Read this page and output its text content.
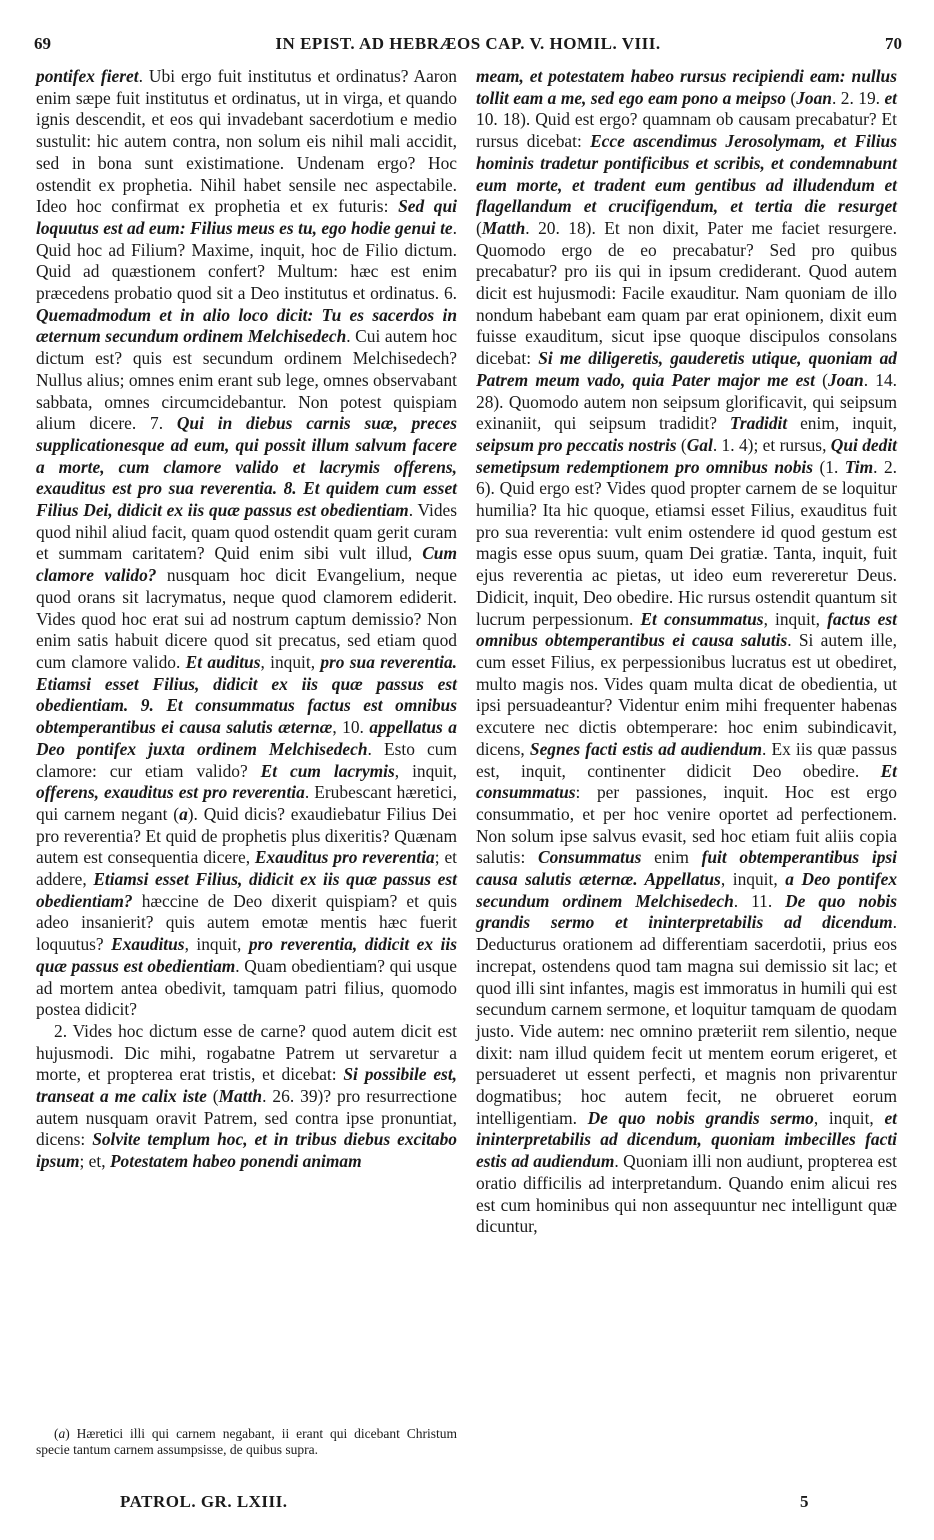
69	IN EPIST. AD HEBRÆOS CAP. V. HOMIL. VIII.	70

pontifex fieret. Ubi ergo fuit institutus et ordinatus? Aaron enim sæpe fuit institutus et ordinatus, ut in virga, et quando ignis descendit, et eos qui invadebant sacerdotium e medio sustulit: hic autem contra, non solum eis nihil mali accidit, sed in bona sunt existimatione. Undenam ergo? Hoc ostendit ex prophetia. Nihil habet sensile nec aspectabile. Ideo hoc confirmat ex prophetia et ex futuris: Sed qui loquutus est ad eum: Filius meus es tu, ego hodie genui te. Quid hoc ad Filium? Maxime, inquit, hoc de Filio dictum. Quid ad quæstionem confert? Multum: hæc est enim præcedens probatio quod sit a Deo institutus et ordinatus. 6. Quemadmodum et in alio loco dicit: Tu es sacerdos in æternum secundum ordinem Melchisedech. Cui autem hoc dictum est? quis est secundum ordinem Melchisedech? Nullus alius; omnes enim erant sub lege, omnes observabant sabbata, omnes circumcidebantur. Non potest quispiam alium dicere. 7. Qui in diebus carnis suæ, preces supplicationesque ad eum, qui possit illum salvum facere a morte, cum clamore valido et lacrymis offerens, exauditus est pro sua reverentia. 8. Et quidem cum esset Filius Dei, didicit ex iis quæ passus est obedientiam. Vides quod nihil aliud facit, quam quod ostendit quam gerit curam et summam caritatem? Quid enim sibi vult illud, Cum clamore valido? nusquam hoc dicit Evangelium, neque quod orans sit lacrymatus, neque quod clamorem ediderit. Vides quod hoc erat sui ad nostrum captum demissio? Non enim satis habuit dicere quod sit precatus, sed etiam quod cum clamore valido. Et auditus, inquit, pro sua reverentia. Etiamsi esset Filius, didicit ex iis quæ passus est obedientiam. 9. Et consummatus factus est omnibus obtemperantibus ei causa salutis æternæ, 10. appellatus a Deo pontifex juxta ordinem Melchisedech. Esto cum clamore: cur etiam valido? Et cum lacrymis, inquit, offerens, exauditus est pro reverentia. Erubescant hæretici, qui carnem negant (a). Quid dicis? exaudiebatur Filius Dei pro reverentia? Et quid de prophetis plus dixeritis? Quænam autem est consequentia dicere, Exauditus pro reverentia; et addere, Etiamsi esset Filius, didicit ex iis quæ passus est obedientiam? hæccine de Deo dixerit quispiam? et quis adeo insanierit? quis autem emotæ mentis hæc fuerit loquutus? Exauditus, inquit, pro reverentia, didicit ex iis quæ passus est obedientiam. Quam obedientiam? qui usque ad mortem antea obedivit, tamquam patri filius, quomodo postea didicit?

2. Vides hoc dictum esse de carne? quod autem dicit est hujusmodi. Dic mihi, rogabatne Patrem ut servaretur a morte, et propterea erat tristis, et dicebat: Si possibile est, transeat a me calix iste (Matth. 26. 39)? pro resurrectione autem nusquam oravit Patrem, sed contra ipse pronuntiat, dicens: Solvite templum hoc, et in tribus diebus excitabo ipsum; et, Potestatem habeo ponendi animam

meam, et potestatem habeo rursus recipiendi eam: nullus tollit eam a me, sed ego eam pono a meipso (Joan. 2. 19. et 10. 18). Quid est ergo? quamnam ob causam precabatur? Et rursus dicebat: Ecce ascendimus Jerosolymam, et Filius hominis tradetur pontificibus et scribis, et condemnabunt eum morte, et tradent eum gentibus ad illudendum et flagellandum et crucifigendum, et tertia die resurget (Matth. 20. 18). Et non dixit, Pater me faciet resurgere. Quomodo ergo de eo precabatur? Sed pro quibus precabatur? pro iis qui in ipsum crediderant. Quod autem dicit est hujusmodi: Facile exauditur. Nam quoniam de illo nondum habebant eam quam par erat opinionem, dixit eum fuisse exauditum, sicut ipse quoque discipulos consolans dicebat: Si me diligeretis, gauderetis utique, quoniam ad Patrem meum vado, quia Pater major me est (Joan. 14. 28). Quomodo autem non seipsum glorificavit, qui seipsum exinaniit, qui seipsum tradidit? Tradidit enim, inquit, seipsum pro peccatis nostris (Gal. 1. 4); et rursus, Qui dedit semetipsum redemptionem pro omnibus nobis (1. Tim. 2. 6). Quid ergo est? Vides quod propter carnem de se loquitur humilia? Ita hic quoque, etiamsi esset Filius, exauditus fuit pro sua reverentia: vult enim ostendere id quod gestum est magis esse opus suum, quam Dei gratiæ. Tanta, inquit, fuit ejus reverentia ac pietas, ut ideo eum revereretur Deus. Didicit, inquit, Deo obedire. Hic rursus ostendit quantum sit lucrum perpessionum. Et consummatus, inquit, factus est omnibus obtemperantibus ei causa salutis. Si autem ille, cum esset Filius, ex perpessionibus lucratus est ut obediret, multo magis nos. Vides quam multa dicat de obedientia, ut ipsi persuadeantur? Videntur enim mihi frequenter habenas excutere nec dictis obtemperare: hoc enim subindicavit, dicens, Segnes facti estis ad audiendum. Ex iis quæ passus est, inquit, continenter didicit Deo obedire. Et consummatus: per passiones, inquit. Hoc est ergo consummatio, et per hoc venire oportet ad perfectionem. Non solum ipse salvus evasit, sed hoc etiam fuit aliis copia salutis: Consummatus enim fuit obtemperantibus ipsi causa salutis æternæ. Appellatus, inquit, a Deo pontifex secundum ordinem Melchisedech. 11. De quo nobis grandis sermo et ininterpretabilis ad dicendum. Deducturus orationem ad differentiam sacerdotii, prius eos increpat, ostendens quod tam magna sui demissio sit lac; et quod illi sint infantes, magis est immoratus in humili qui est secundum carnem sermone, et loquitur tamquam de quodam justo. Vide autem: nec omnino præteriit rem silentio, neque dixit: nam illud quidem fecit ut mentem eorum erigeret, et persuaderet ut essent perfecti, et magnis non privarentur dogmatibus; hoc autem fecit, ne obrueret eorum intelligentiam. De quo nobis grandis sermo, inquit, et ininterpretabilis ad dicendum, quoniam imbecilles facti estis ad audiendum. Quoniam illi non audiunt, propterea est oratio difficilis ad interpretandum. Quando enim alicui res est cum hominibus qui non assequuntur nec intelligunt quæ dicuntur,

(a) Hæretici illi qui carnem negabant, ii erant qui dicebant Christum specie tantum carnem assumpsisse, de quibus supra.
PATROL. GR. LXIII.	5
